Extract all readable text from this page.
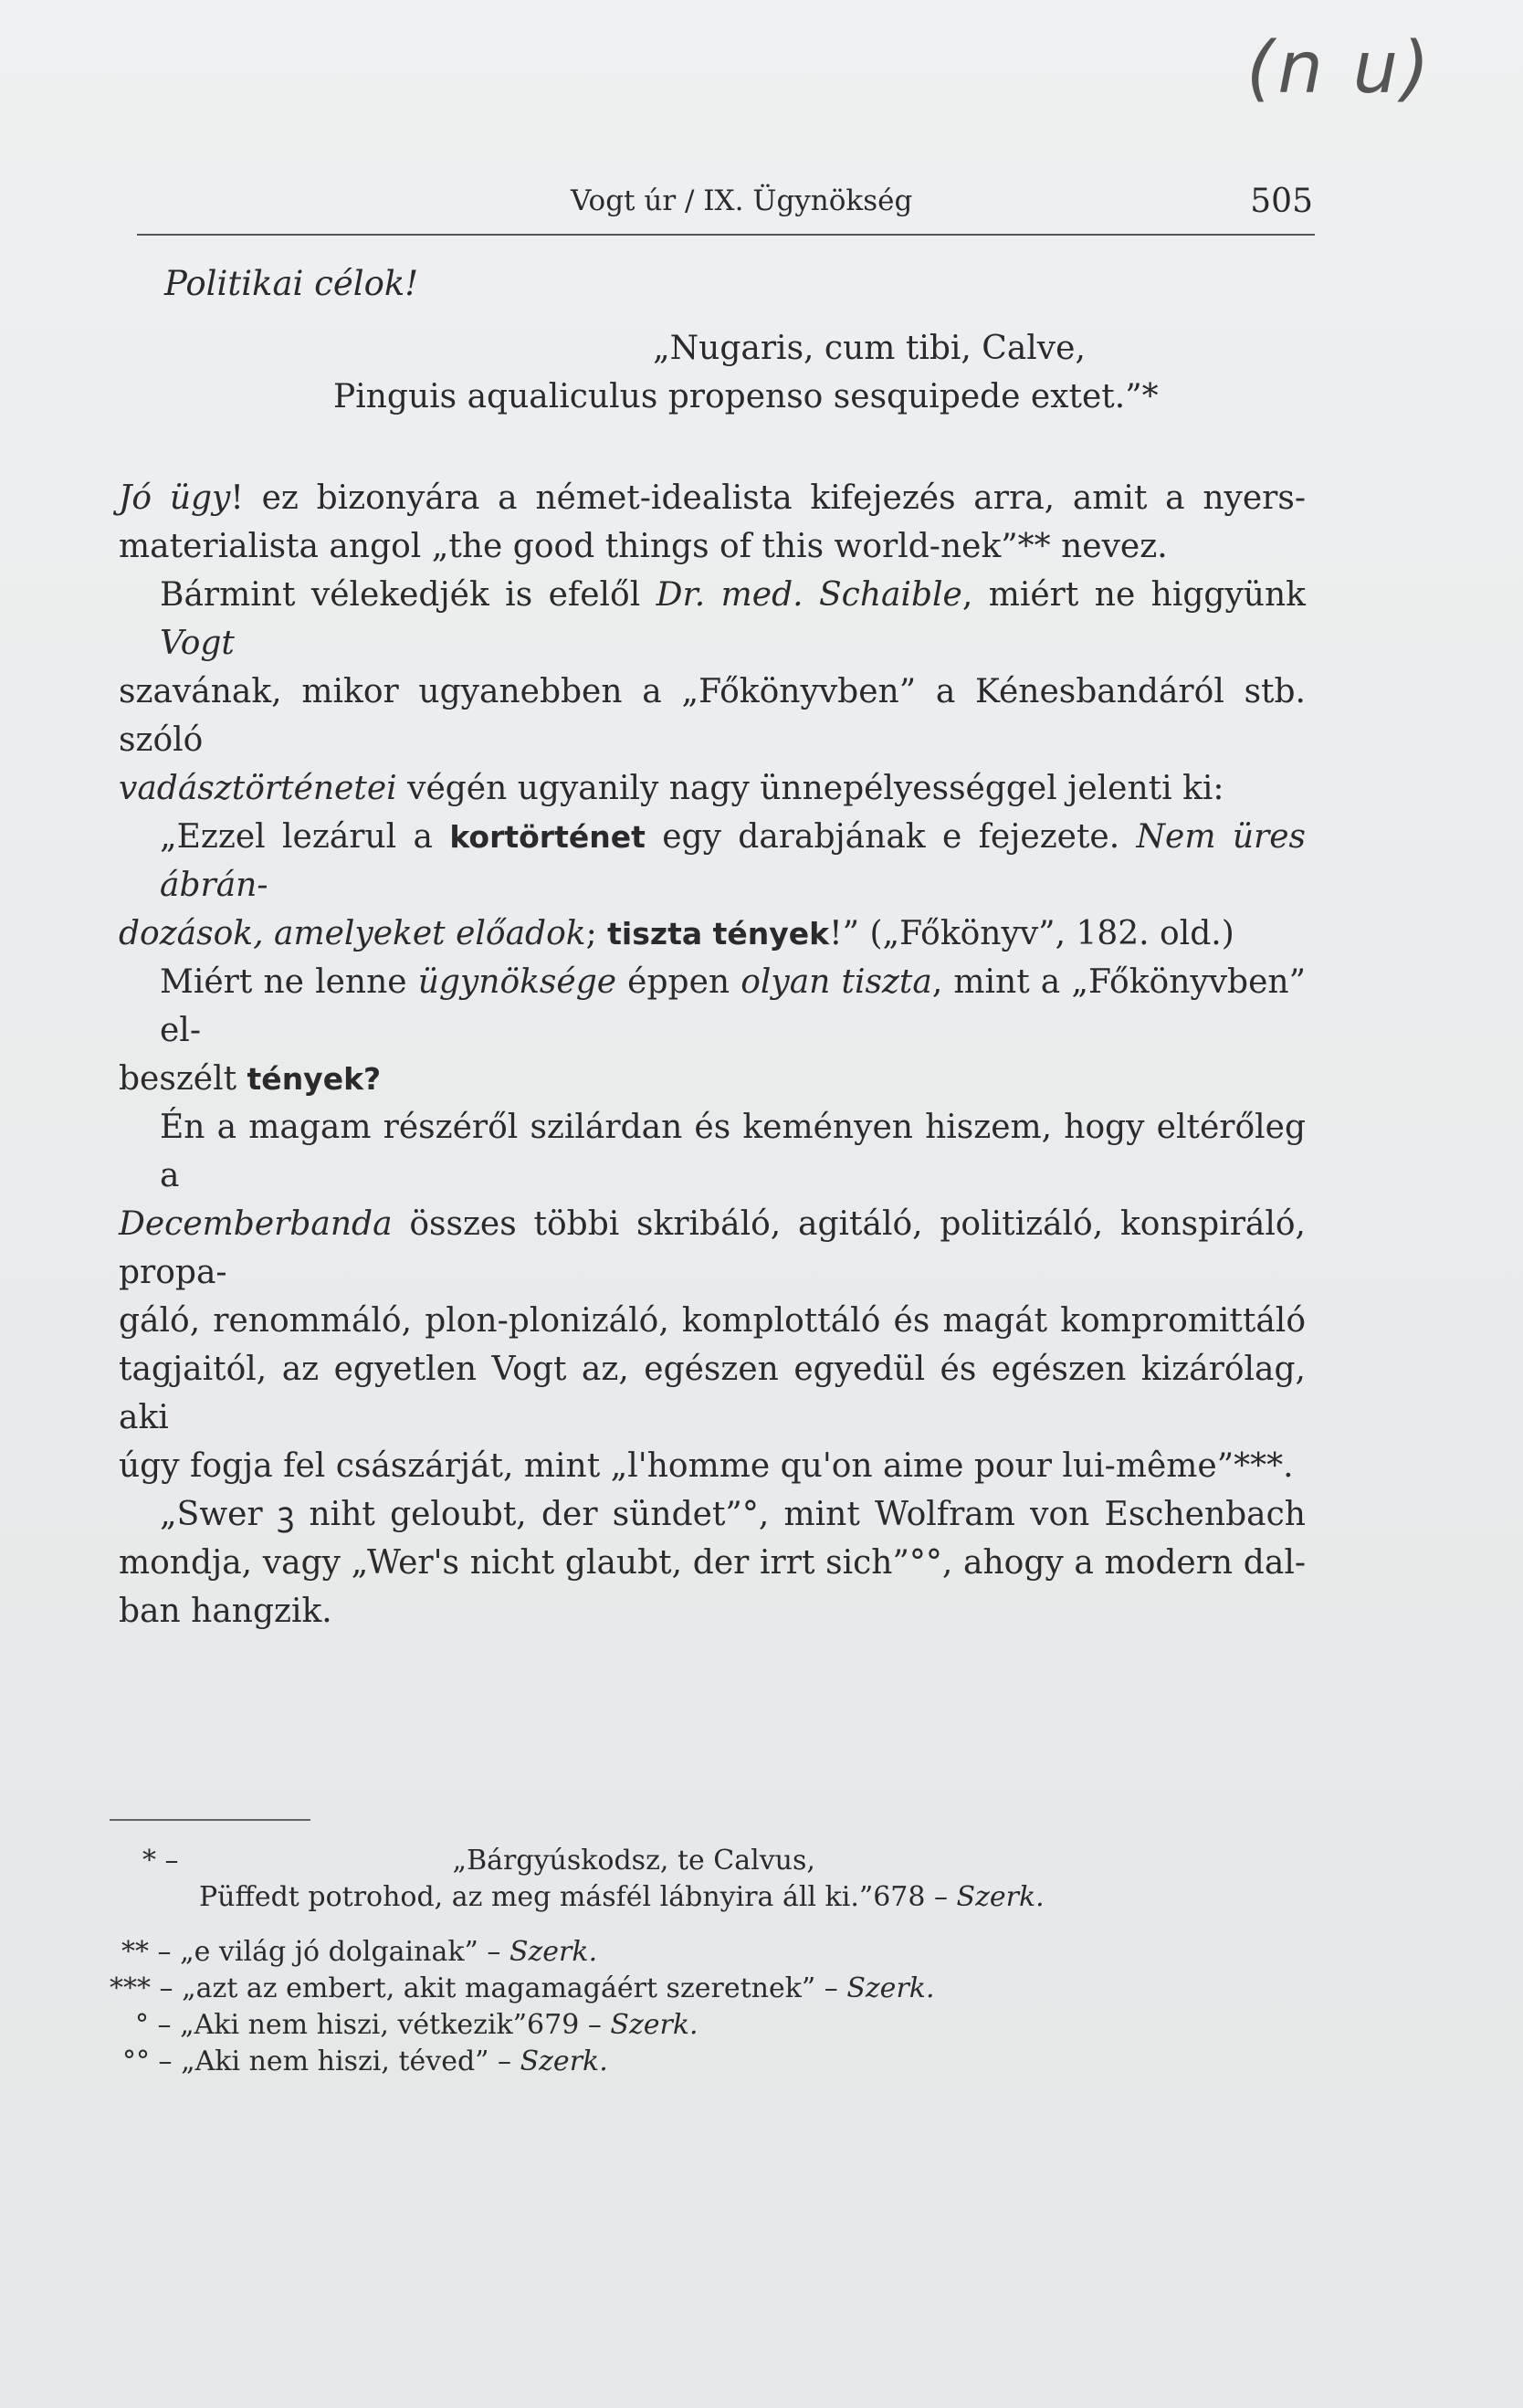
(n u)
Vogt úr / IX. Ügynökség	505
Politikai célok!
„Nugaris, cum tibi, Calve,
Pinguis aqualiculus propenso sesquipede extet.”*
Jó ügy! ez bizonyára a német-idealista kifejezés arra, amit a nyers-
materialista angol „the good things of this world-nek”** nevez.
Bármint vélekedjék is efelől Dr. med. Schaible, miért ne higgyünk Vogt
szavának, mikor ugyanebben a „Főkönyvben” a Kénesbandáról stb. szóló
vadásztörténetei végén ugyanily nagy ünnepélyességgel jelenti ki:
„Ezzel lezárul a kortörténet egy darabjának e fejezete. Nem üres ábrán-
dozások, amelyeket előadok; tiszta tények!” („Főkönyv”, 182. old.)
Miért ne lenne ügynöksége éppen olyan tiszta, mint a „Főkönyvben” el-
beszélt tények?
Én a magam részéről szilárdan és keményen hiszem, hogy eltérőleg a
Decemberbanda összes többi skribáló, agitáló, politizáló, konspiráló, propa-
gáló, renommáló, plon-plonizáló, komplottáló és magát kompromittáló
tagjaitól, az egyetlen Vogt az, egészen egyedül és egészen kizárólag, aki
úgy fogja fel császárját, mint „l'homme qu'on aime pour lui-même”***.
„Swer ꝫ niht geloubt, der sündet”°, mint Wolfram von Eschenbach
mondja, vagy „Wer's nicht glaubt, der irrt sich”°°, ahogy a modern dal-
ban hangzik.
* –	„Bárgyúskodsz, te Calvus,
Püffedt potrohod, az meg másfél lábnyira áll ki.”678 – Szerk.
** – „e világ jó dolgainak” – Szerk.
*** – „azt az embert, akit magamagáért szeretnek” – Szerk.
° – „Aki nem hiszi, vétkezik”679 – Szerk.
°° – „Aki nem hiszi, téved” – Szerk.
